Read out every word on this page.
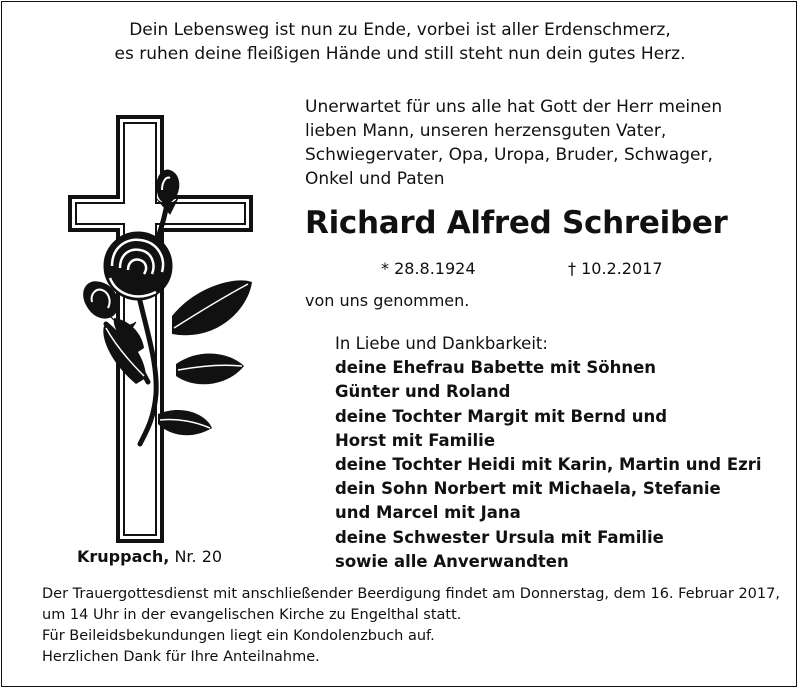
Dein Lebensweg ist nun zu Ende, vorbei ist aller Erdenschmerz,
es ruhen deine fleißigen Hände und still steht nun dein gutes Herz.
Unerwartet für uns alle hat Gott der Herr meinen
lieben Mann, unseren herzensguten Vater,
Schwiegervater, Opa, Uropa, Bruder, Schwager,
Onkel und Paten
Richard Alfred Schreiber
* 28.8.1924	† 10.2.2017
von uns genommen.
In Liebe und Dankbarkeit:
deine Ehefrau Babette mit Söhnen
Günter und Roland
deine Tochter Margit mit Bernd und
Horst mit Familie
deine Tochter Heidi mit Karin, Martin und Ezri
dein Sohn Norbert mit Michaela, Stefanie
und Marcel mit Jana
deine Schwester Ursula mit Familie
sowie alle Anverwandten
Kruppach, Nr. 20
Der Trauergottesdienst mit anschließender Beerdigung findet am Donnerstag, dem 16. Februar 2017,
um 14 Uhr in der evangelischen Kirche zu Engelthal statt.
Für Beileidsbekundungen liegt ein Kondolenzbuch auf.
Herzlichen Dank für Ihre Anteilnahme.
